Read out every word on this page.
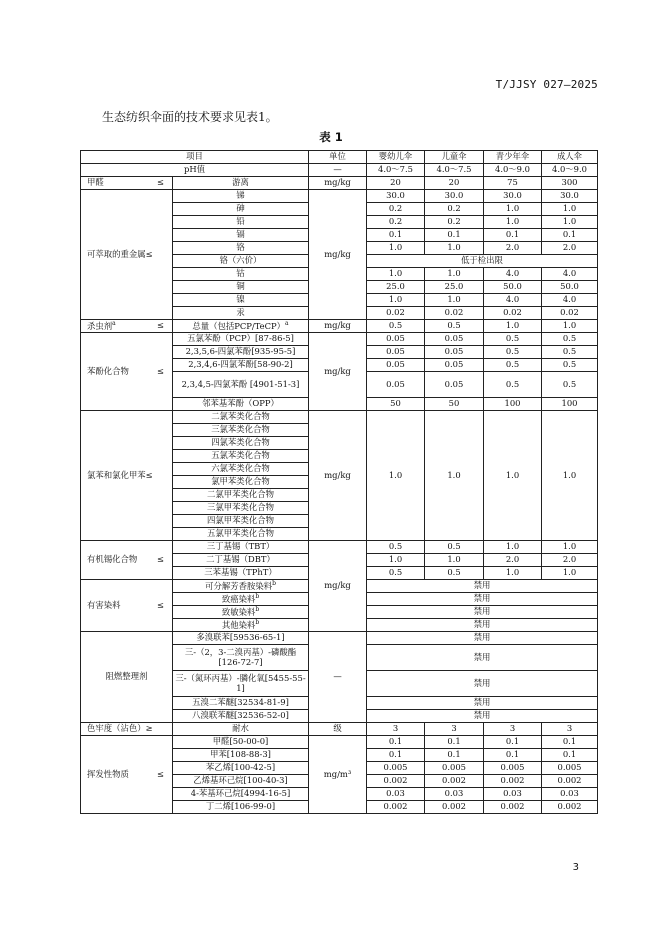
T/JJSY 027—2025
生态纺织伞面的技术要求见表1。
表 1
项目		单位	婴幼儿伞	儿童伞	青少年伞	成人伞
pH值		—	4.0～7.5	4.0～7.5	4.0～9.0	4.0～9.0
甲醛 ≤	游离	mg/kg	20	20	75	300
可萃取的重金属≤	锑	mg/kg	30.0	30.0	30.0	30.0
	砷		0.2	0.2	1.0	1.0
	铅		0.2	0.2	1.0	1.0
	镉		0.1	0.1	0.1	0.1
	铬		1.0	1.0	2.0	2.0
	铬（六价）		低于检出限			
	钴		1.0	1.0	4.0	4.0
	铜		25.0	25.0	50.0	50.0
	镍		1.0	1.0	4.0	4.0
	汞		0.02	0.02	0.02	0.02
杀虫剂$^a$ ≤	总量（包括PCP/TeCP）$^a$	mg/kg	0.5	0.5	1.0	1.0
苯酚化合物 ≤	五氯苯酚（PCP）[87-86-5]	mg/kg	0.05	0.05	0.5	0.5
	2,3,5,6-四氯苯酚[935-95-5]		0.05	0.05	0.5	0.5
	2,3,4,6-四氯苯酚[58-90-2]		0.05	0.05	0.5	0.5
	2,3,4,5-四氯苯酚 [4901-51-3]		0.05	0.05	0.5	0.5
	邻苯基苯酚（OPP）		50	50	100	100
氯苯和氯化甲苯≤	二氯苯类化合物	mg/kg	1.0	1.0	1.0	1.0
	三氯苯类化合物					
	四氯苯类化合物					
	五氯苯类化合物					
	六氯苯类化合物					
	氯甲苯类化合物					
	二氯甲苯类化合物					
	三氯甲苯类化合物					
	四氯甲苯类化合物					
	五氯甲苯类化合物					
有机锡化合物 ≤	三丁基锡（TBT）	mg/kg	0.5	0.5	1.0	1.0
	二丁基锡（DBT）		1.0	1.0	2.0	2.0
	三苯基锡（TPhT）		0.5	0.5	1.0	1.0
有害染料 ≤	可分解芳香胺染料$^b$		禁用			
	致癌染料$^b$		禁用			
	致敏染料$^b$		禁用			
	其他染料$^b$		禁用			
阻燃整理剂	多溴联苯[59536-65-1]	—	禁用			
	三-（2，3-二溴丙基）-磷酸酯[126-72-7]		禁用			
	三-（氮环丙基）-膦化氧[5455-55-1]		禁用			
	五溴二苯醚[32534-81-9]		禁用			
	八溴联苯醚[32536-52-0]		禁用			
色牢度（沾色）≥	耐水	级	3	3	3	3
挥发性物质 ≤	甲醛[50-00-0]	mg/m³	0.1	0.1	0.1	0.1
	甲苯[108-88-3]		0.1	0.1	0.1	0.1
	苯乙烯[100-42-5]		0.005	0.005	0.005	0.005
	乙烯基环己烷[100-40-3]		0.002	0.002	0.002	0.002
	4-苯基环己烷[4994-16-5]		0.03	0.03	0.03	0.03
	丁二烯[106-99-0]		0.002	0.002	0.002	0.002
3
